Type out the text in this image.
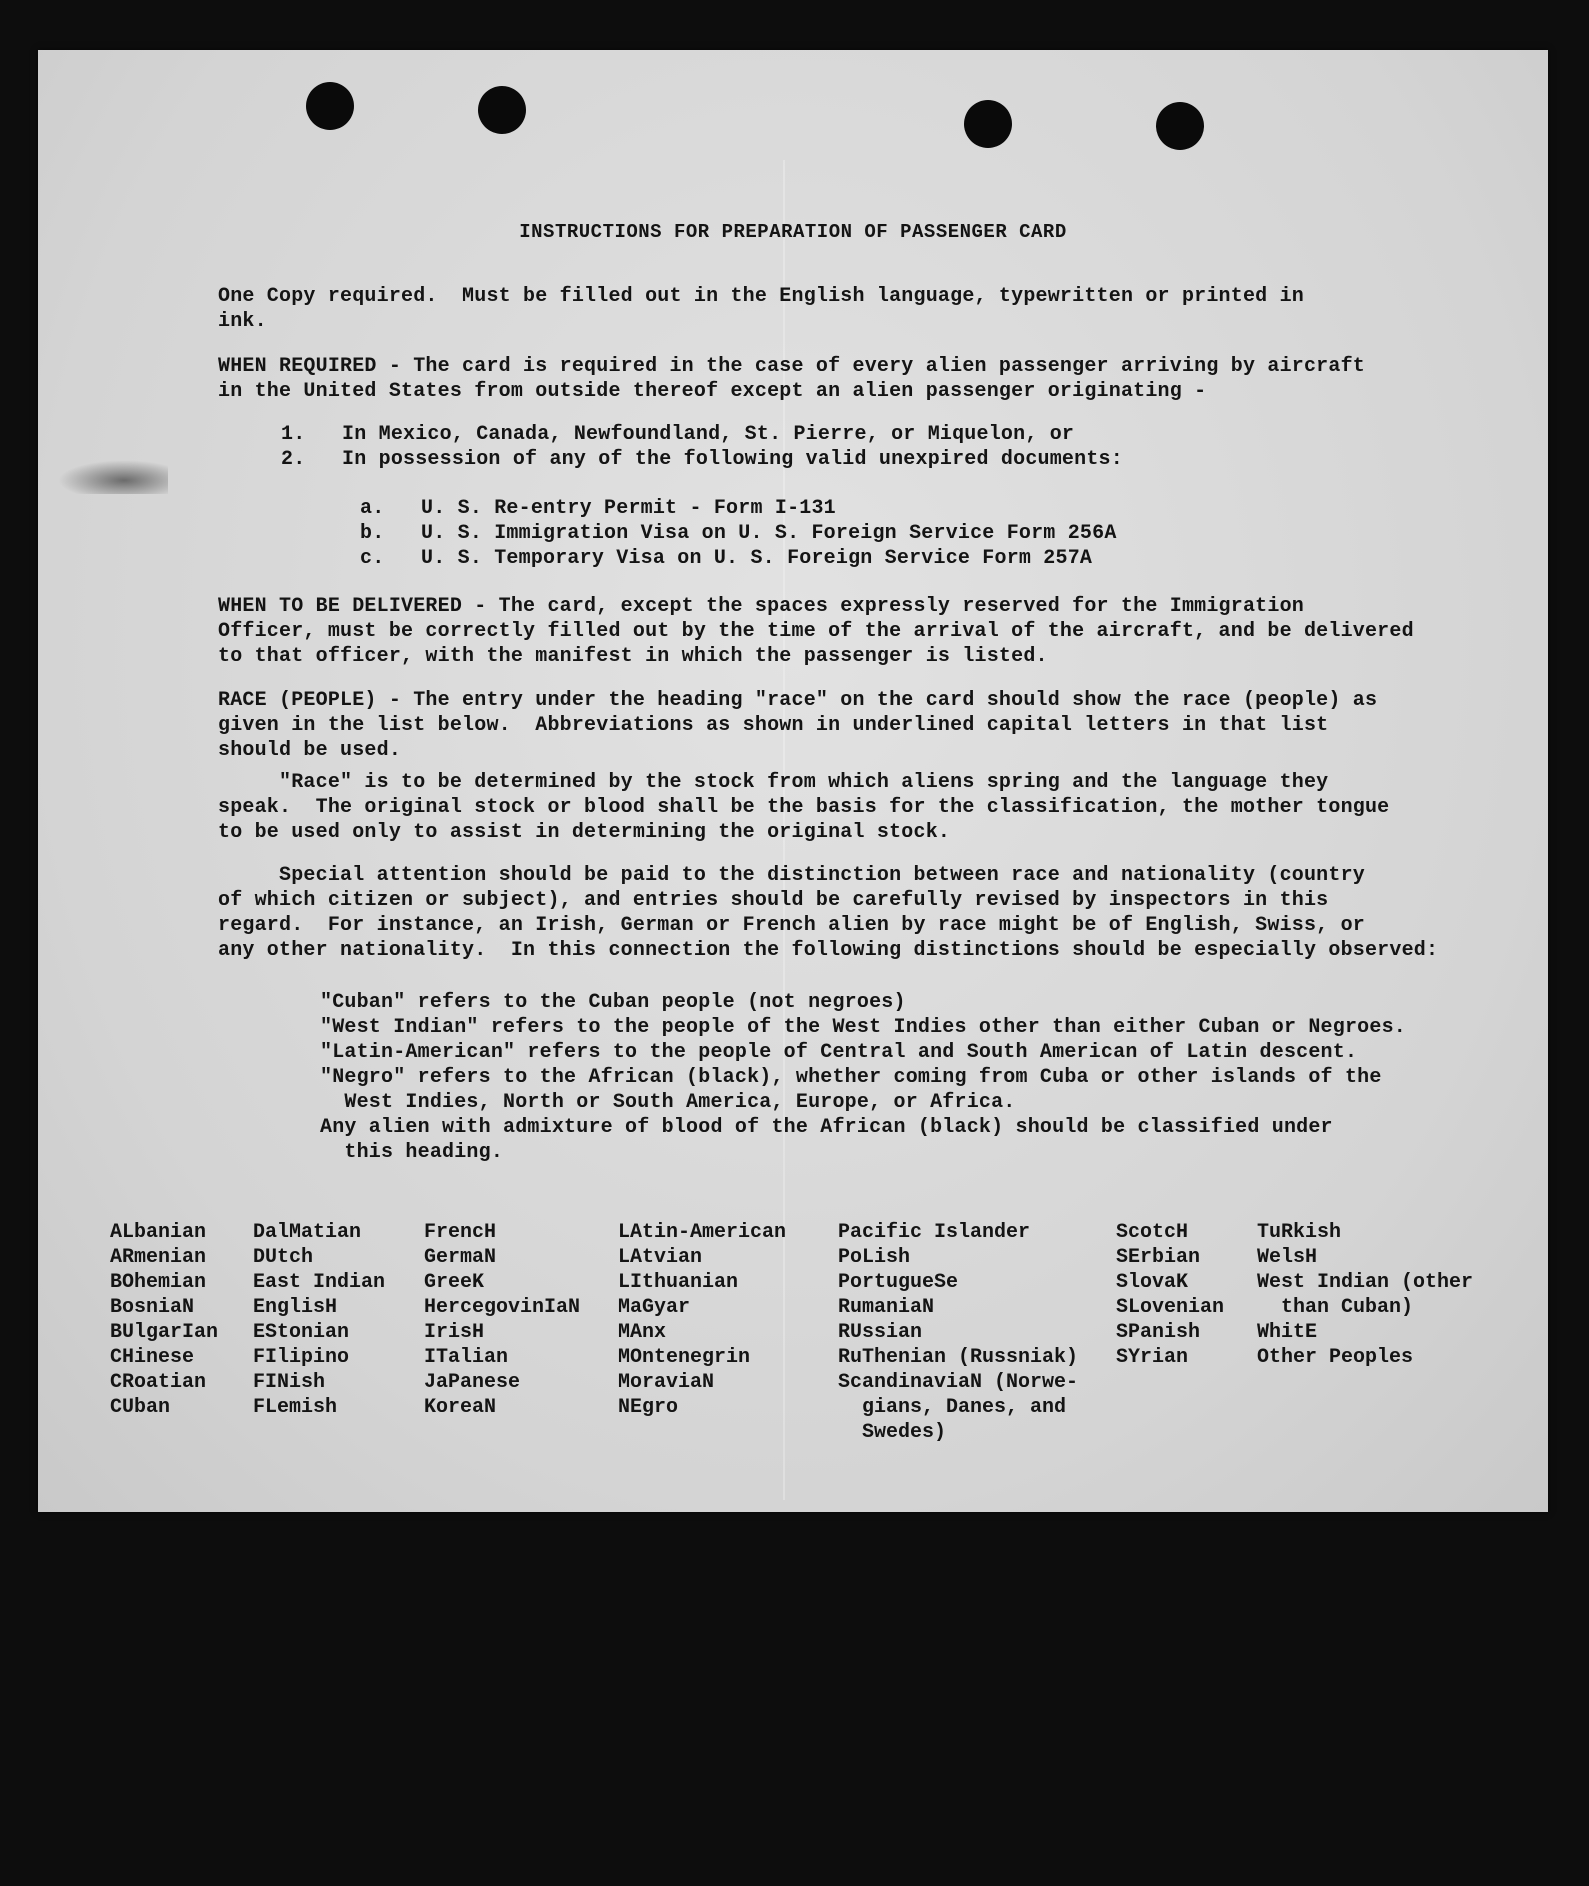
INSTRUCTIONS FOR PREPARATION OF PASSENGER CARD
One Copy required.  Must be filled out in the English language, typewritten or printed in
ink.
WHEN REQUIRED - The card is required in the case of every alien passenger arriving by aircraft
in the United States from outside thereof except an alien passenger originating -
1.   In Mexico, Canada, Newfoundland, St. Pierre, or Miquelon, or
2.   In possession of any of the following valid unexpired documents:
a.   U. S. Re-entry Permit - Form I-131
b.   U. S. Immigration Visa on U. S. Foreign Service Form 256A
c.   U. S. Temporary Visa on U. S. Foreign Service Form 257A
WHEN TO BE DELIVERED - The card, except the spaces expressly reserved for the Immigration
Officer, must be correctly filled out by the time of the arrival of the aircraft, and be delivered
to that officer, with the manifest in which the passenger is listed.
RACE (PEOPLE) - The entry under the heading "race" on the card should show the race (people) as
given in the list below.  Abbreviations as shown in underlined capital letters in that list
should be used.
"Race" is to be determined by the stock from which aliens spring and the language they
speak.  The original stock or blood shall be the basis for the classification, the mother tongue
to be used only to assist in determining the original stock.
Special attention should be paid to the distinction between race and nationality (country
of which citizen or subject), and entries should be carefully revised by inspectors in this
regard.  For instance, an Irish, German or French alien by race might be of English, Swiss, or
any other nationality.  In this connection the following distinctions should be especially observed:
"Cuban" refers to the Cuban people (not negroes)
"West Indian" refers to the people of the West Indies other than either Cuban or Negroes.
"Latin-American" refers to the people of Central and South American of Latin descent.
"Negro" refers to the African (black), whether coming from Cuba or other islands of the
West Indies, North or South America, Europe, or Africa.
Any alien with admixture of blood of the African (black) should be classified under
this heading.
ALbanian
ARmenian
BOhemian
BosniaN
BUlgarIan
CHinese
CRoatian
CUban
DalMatian
DUtch
East Indian
EnglisH
EStonian
FIlipino
FINish
FLemish
FrencH
GermaN
GreeK
HercegovinIaN
IrisH
ITalian
JaPanese
KoreaN
LAtin-American
LAtvian
LIthuanian
MaGyar
MAnx
MOntenegrin
MoraviaN
NEgro
Pacific Islander
PoLish
PortugueSe
RumaniaN
RUssian
RuThenian (Russniak)
ScandinaviaN (Norwe-
gians, Danes, and
Swedes)
ScotcH
SErbian
SlovaK
SLovenian
SPanish
SYrian
TuRkish
WelsH
West Indian (other
than Cuban)
WhitE
Other Peoples
